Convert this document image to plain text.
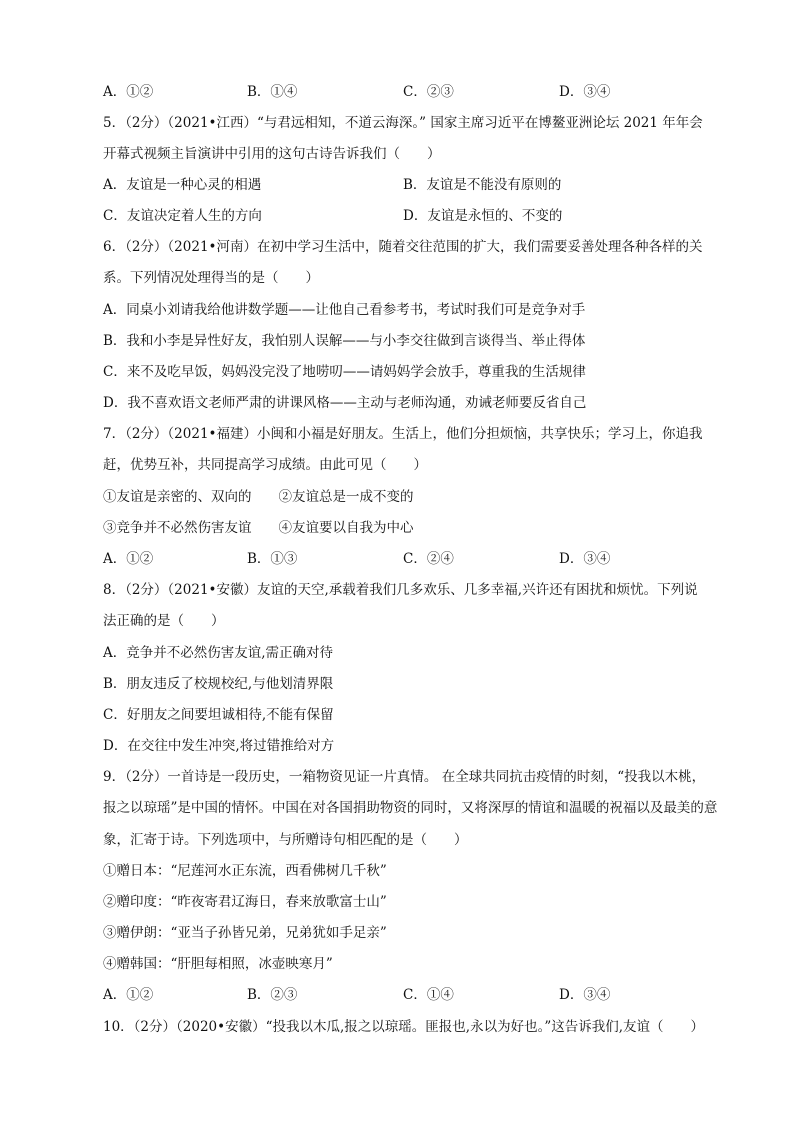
A．①②	B．①④	C．②③	D．③④
5．（2分）（2021•江西）“与君远相知，不道云海深。” 国家主席习近平在博鳌亚洲论坛 2021 年年会
开幕式视频主旨演讲中引用的这句古诗告诉我们（　　）
A．友谊是一种心灵的相遇	B．友谊是不能没有原则的
C．友谊决定着人生的方向	D．友谊是永恒的、不变的
6．（2分）（2021•河南）在初中学习生活中，随着交往范围的扩大，我们需要妥善处理各种各样的关
系。下列情况处理得当的是（　　）
A．同桌小刘请我给他讲数学题——让他自己看参考书，考试时我们可是竞争对手
B．我和小李是异性好友，我怕别人误解——与小李交往做到言谈得当、举止得体
C．来不及吃早饭，妈妈没完没了地唠叨——请妈妈学会放手，尊重我的生活规律
D．我不喜欢语文老师严肃的讲课风格——主动与老师沟通，劝诫老师要反省自己
7．（2分）（2021•福建）小闽和小福是好朋友。生活上，他们分担烦恼，共享快乐；学习上，你追我
赶，优势互补，共同提高学习成绩。由此可见（　　）
①友谊是亲密的、双向的　　②友谊总是一成不变的
③竞争并不必然伤害友谊　　④友谊要以自我为中心
A．①②	B．①③	C．②④	D．③④
8．（2分）（2021•安徽）友谊的天空,承载着我们几多欢乐、几多幸福,兴许还有困扰和烦忧。下列说
法正确的是（　　）
A．竞争并不必然伤害友谊,需正确对待
B．朋友违反了校规校纪,与他划清界限
C．好朋友之间要坦诚相待,不能有保留
D．在交往中发生冲突,将过错推给对方
9．（2分）一首诗是一段历史，一箱物资见证一片真情。 在全球共同抗击疫情的时刻，“投我以木桃，
报之以琼瑶”是中国的情怀。中国在对各国捐助物资的同时，又将深厚的情谊和温暖的祝福以及最美的意
象，汇寄于诗。下列选项中，与所赠诗句相匹配的是（　　）
①赠日本：“尼莲河水正东流，西看佛树几千秋”
②赠印度：“昨夜寄君辽海日，春来放歌富士山”
③赠伊朗：“亚当子孙皆兄弟，兄弟犹如手足亲”
④赠韩国：“肝胆每相照，冰壶映寒月”
A．①②	B．②③	C．①④	D．③④
10．（2分）（2020•安徽）“投我以木瓜,报之以琼瑶。匪报也,永以为好也。”这告诉我们,友谊（　　）
